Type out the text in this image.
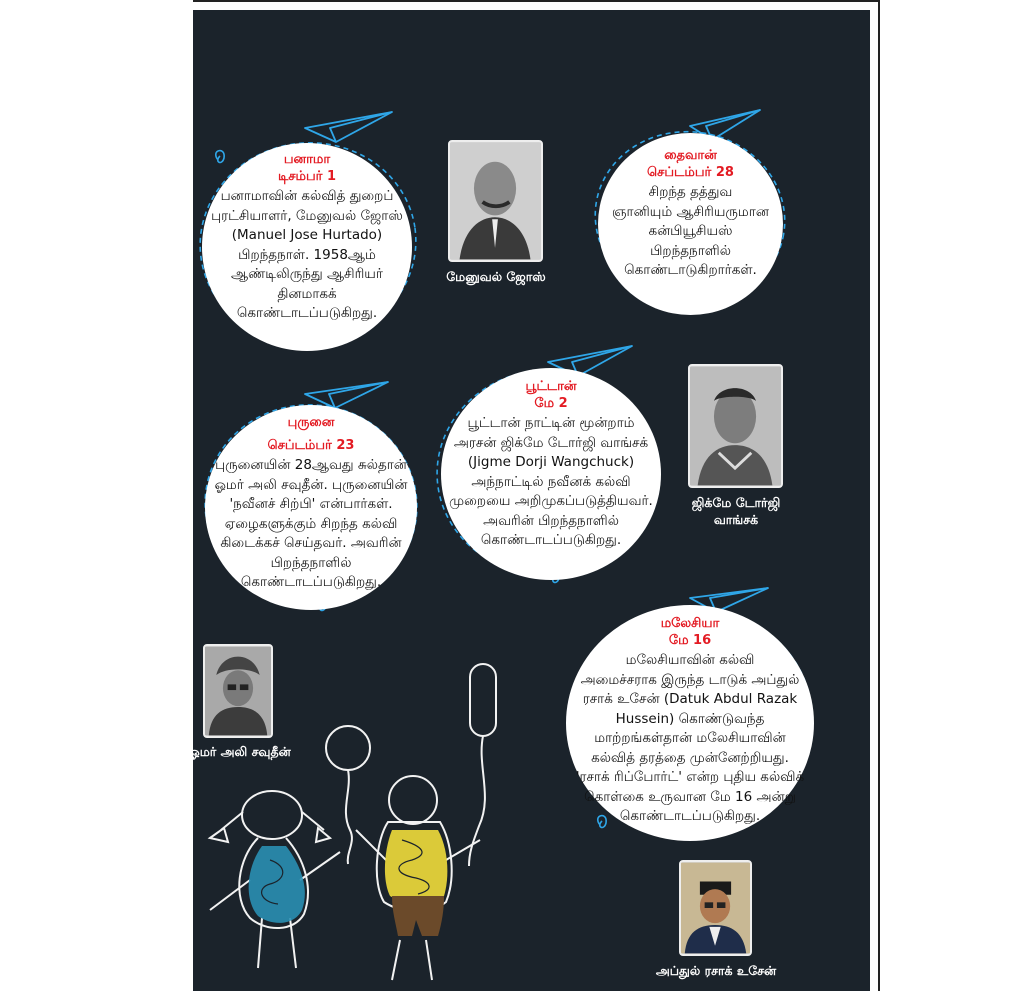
பனாமா
டிசம்பர் 1
பனாமாவின் கல்வித் துறைப்
புரட்சியாளர், மேனுவல் ஜோஸ்
(Manuel Jose Hurtado)
பிறந்தநாள். 1958ஆம்
ஆண்டிலிருந்து ஆசிரியர்
தினமாகக்
கொண்டாடப்படுகிறது.
மேனுவல் ஜோஸ்
தைவான்
செப்டம்பர் 28
சிறந்த தத்துவ
ஞானியும் ஆசிரியருமான
கன்பியூசியஸ்
பிறந்தநாளில்
கொண்டாடுகிறார்கள்.
பூட்டான்
மே 2
பூட்டான் நாட்டின் மூன்றாம்
அரசன் ஜிக்மே டோர்ஜி வாங்சக்
(Jigme Dorji Wangchuck)
அந்நாட்டில் நவீனக் கல்வி
முறையை அறிமுகப்படுத்தியவர்.
அவரின் பிறந்தநாளில்
கொண்டாடப்படுகிறது.
ஜிக்மே டோர்ஜி
வாங்சக்
புருனை
செப்டம்பர் 23
புருனையின் 28ஆவது சுல்தான்
ஓமர் அலி சவுதீன். புருனையின்
'நவீனச் சிற்பி' என்பார்கள்.
ஏழைகளுக்கும் சிறந்த கல்வி
கிடைக்கச் செய்தவர். அவரின்
பிறந்தநாளில்
கொண்டாடப்படுகிறது.
ஓமர் அலி சவுதீன்
மலேசியா
மே 16
மலேசியாவின் கல்வி
அமைச்சராக இருந்த டாடுக் அப்துல்
ரசாக் உசேன் (Datuk Abdul Razak
Hussein) கொண்டுவந்த
மாற்றங்கள்தான் மலேசியாவின்
கல்வித் தரத்தை முன்னேற்றியது.
'ரசாக் ரிப்போர்ட்' என்ற புதிய கல்விக்
கொள்கை உருவான மே 16 அன்று
கொண்டாடப்படுகிறது.
அப்துல் ரசாக் உசேன்
